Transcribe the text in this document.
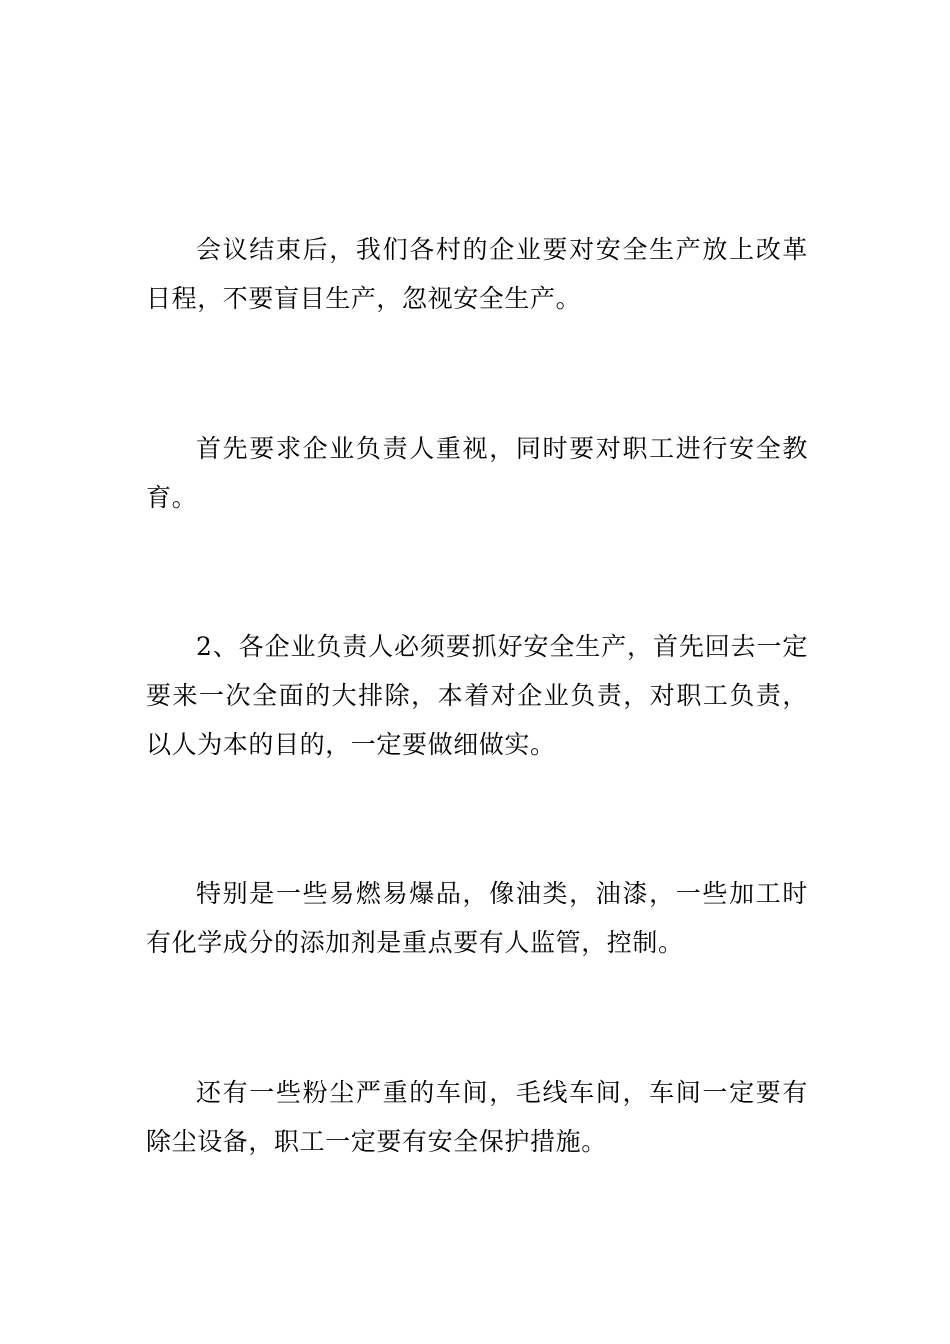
会议结束后，我们各村的企业要对安全生产放上改革日程，不要盲目生产，忽视安全生产。

首先要求企业负责人重视，同时要对职工进行安全教育。

2、各企业负责人必须要抓好安全生产，首先回去一定要来一次全面的大排除，本着对企业负责，对职工负责，以人为本的目的，一定要做细做实。

特别是一些易燃易爆品，像油类，油漆，一些加工时有化学成分的添加剂是重点要有人监管，控制。

还有一些粉尘严重的车间，毛线车间，车间一定要有除尘设备，职工一定要有安全保护措施。
